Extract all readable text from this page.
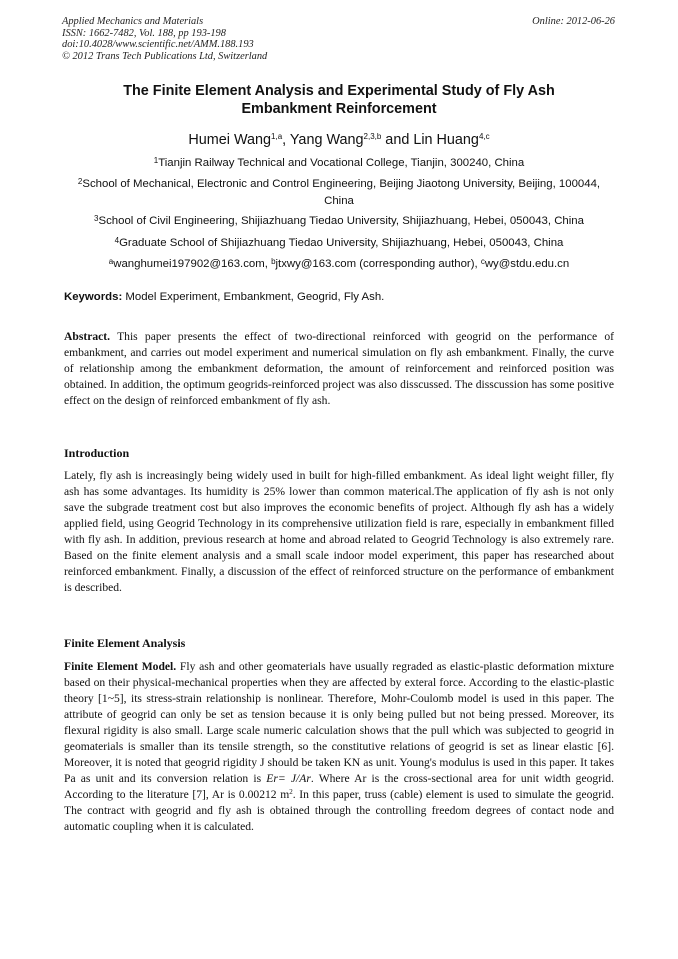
Applied Mechanics and Materials
ISSN: 1662-7482, Vol. 188, pp 193-198
doi:10.4028/www.scientific.net/AMM.188.193
© 2012 Trans Tech Publications Ltd, Switzerland
Online: 2012-06-26
The Finite Element Analysis and Experimental Study of Fly Ash
Embankment Reinforcement
Humei Wang$^{1,a}$, Yang Wang$^{2,3,b}$ and Lin Huang$^{4,c}$
$^1$Tianjin Railway Technical and Vocational College, Tianjin, 300240, China
$^2$School of Mechanical, Electronic and Control Engineering, Beijing Jiaotong University, Beijing, 100044, China
$^3$School of Civil Engineering, Shijiazhuang Tiedao University, Shijiazhuang, Hebei, 050043, China
$^4$Graduate School of Shijiazhuang Tiedao University, Shijiazhuang, Hebei, 050043, China
$^a$wanghumei197902@163.com, $^b$jtxwy@163.com (corresponding author), $^c$wy@stdu.edu.cn
Keywords: Model Experiment, Embankment, Geogrid, Fly Ash.
Abstract. This paper presents the effect of two-directional reinforced with geogrid on the performance of embankment, and carries out model experiment and numerical simulation on fly ash embankment. Finally, the curve of relationship among the embankment deformation, the amount of reinforcement and reinforced position was obtained. In addition, the optimum geogrids-reinforced project was also disscussed. The disscussion has some positive effect on the design of reinforced embankment of fly ash.
Introduction
Lately, fly ash is increasingly being widely used in built for high-filled embankment. As ideal light weight filler, fly ash has some advantages. Its humidity is 25% lower than common materical.The application of fly ash is not only save the subgrade treatment cost but also improves the economic benefits of project. Although fly ash has a widely applied field, using Geogrid Technology in its comprehensive utilization field is rare, especially in embankment filled with fly ash. In addition, previous research at home and abroad related to Geogrid Technology is also extremely rare. Based on the finite element analysis and a small scale indoor model experiment, this paper has researched about reinforced embankment. Finally, a discussion of the effect of reinforced structure on the performance of embankment is described.
Finite Element Analysis
Finite Element Model. Fly ash and other geomaterials have usually regraded as elastic-plastic deformation mixture based on their physical-mechanical properties when they are affected by exteral force. According to the elastic-plastic theory [1~5], its stress-strain relationship is nonlinear. Therefore, Mohr-Coulomb model is used in this paper. The attribute of geogrid can only be set as tension because it is only being pulled but not being pressed. Moreover, its flexural rigidity is also small. Large scale numeric calculation shows that the pull which was subjected to geogrid in geomaterials is smaller than its tensile strength, so the constitutive relations of geogrid is set as linear elastic [6]. Moreover, it is noted that geogrid rigidity J should be taken KN as unit. Young's modulus is used in this paper. It takes Pa as unit and its conversion relation is Er= J/Ar. Where Ar is the cross-sectional area for unit width geogrid. According to the literature [7], Ar is 0.00212 $m^2$. In this paper, truss (cable) element is used to simulate the geogrid. The contract with geogrid and fly ash is obtained through the controlling freedom degrees of contact node and automatic coupling when it is calculated.
